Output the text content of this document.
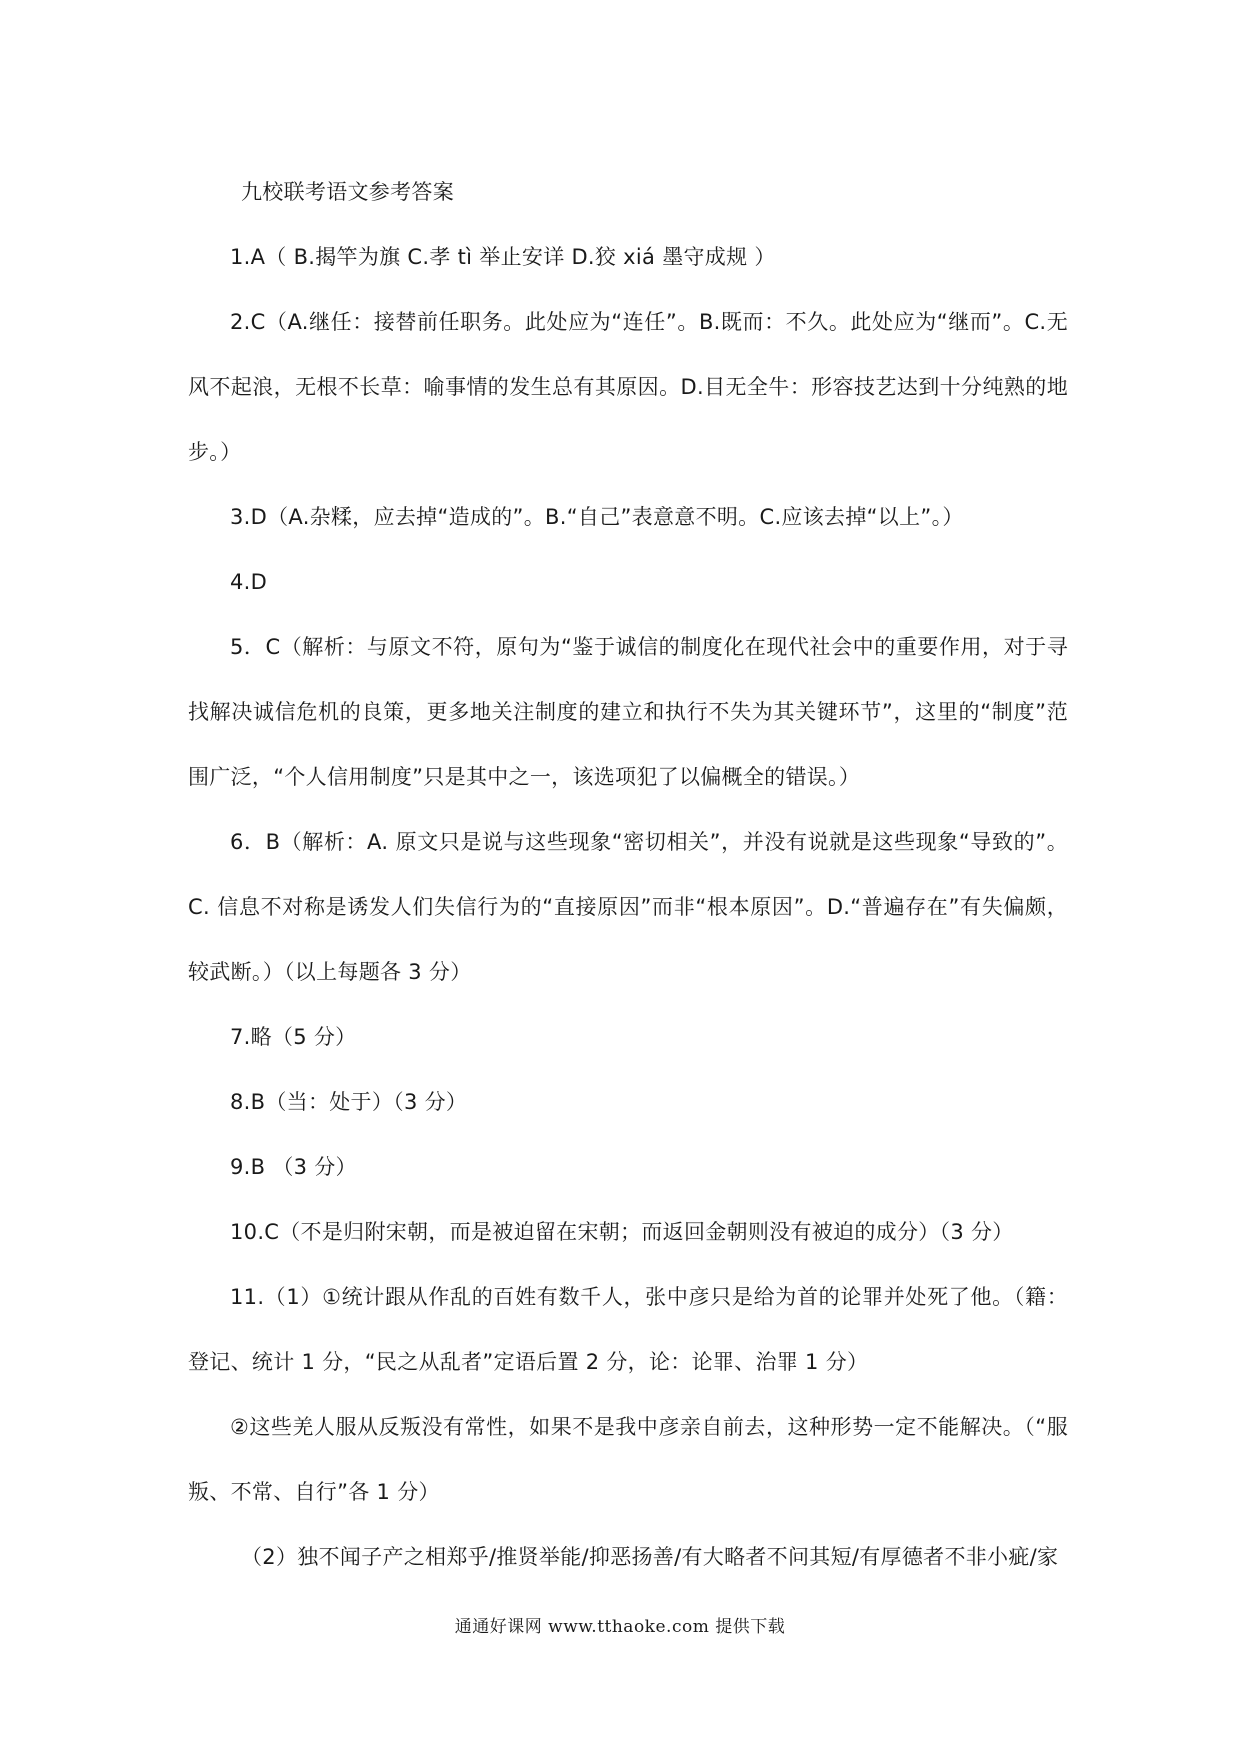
九校联考语文参考答案

1.A（ B.揭竿为旗 C.孝 tì 举止安详 D.狡 xiá 墨守成规 ）

2.C（A.继任：接替前任职务。此处应为“连任”。B.既而：不久。此处应为“继而”。C.无风不起浪，无根不长草：喻事情的发生总有其原因。D.目无全牛：形容技艺达到十分纯熟的地步。）

3.D（A.杂糅，应去掉“造成的”。B.“自己”表意意不明。C.应该去掉“以上”。）

4.D

5．C（解析：与原文不符，原句为“鉴于诚信的制度化在现代社会中的重要作用，对于寻找解决诚信危机的良策，更多地关注制度的建立和执行不失为其关键环节”，这里的“制度”范围广泛，“个人信用制度”只是其中之一，该选项犯了以偏概全的错误。）

6．B（解析：A. 原文只是说与这些现象“密切相关”，并没有说就是这些现象“导致的”。C. 信息不对称是诱发人们失信行为的“直接原因”而非“根本原因”。D.“普遍存在”有失偏颇，较武断。）（以上每题各 3 分）

7.略（5 分）

8.B（当：处于）（3 分）

9.B （3 分）

10.C（不是归附宋朝，而是被迫留在宋朝；而返回金朝则没有被迫的成分）（3 分）

11.（1）①统计跟从作乱的百姓有数千人，张中彦只是给为首的论罪并处死了他。（籍：登记、统计 1 分，“民之从乱者”定语后置 2 分，论：论罪、治罪 1 分）

②这些羌人服从反叛没有常性，如果不是我中彦亲自前去，这种形势一定不能解决。（“服叛、不常、自行”各 1 分）

（2）独不闻子产之相郑乎/推贤举能/抑恶扬善/有大略者不问其短/有厚德者不非小疵/家

通通好课网 www.tthaoke.com 提供下载
